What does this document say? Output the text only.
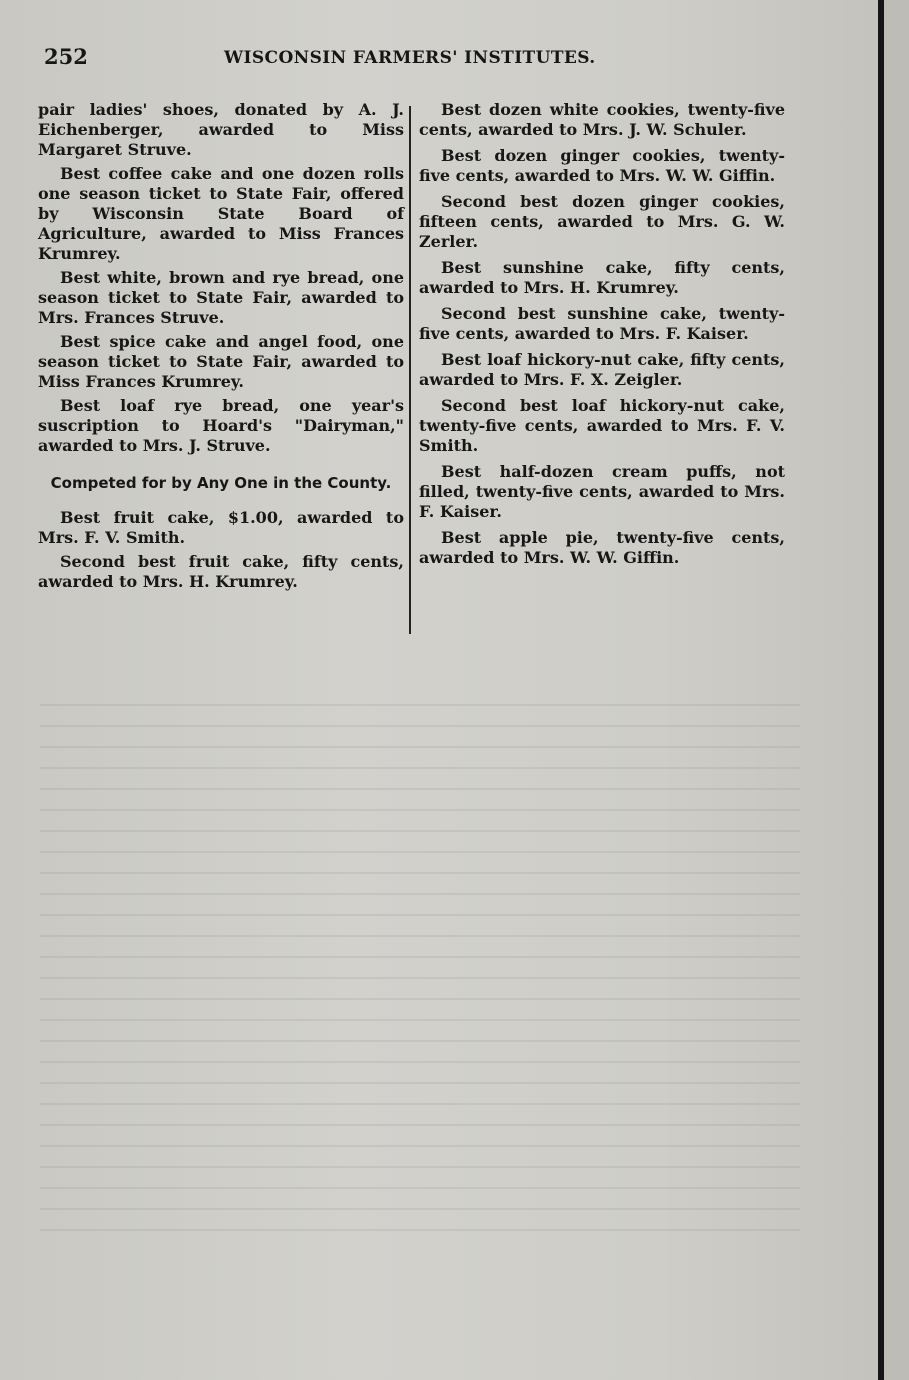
252	WISCONSIN FARMERS' INSTITUTES.

pair ladies' shoes, donated by A. J. Eichenberger, awarded to Miss Margaret Struve.

Best coffee cake and one dozen rolls one season ticket to State Fair, offered by Wisconsin State Board of Agriculture, awarded to Miss Frances Krumrey.

Best white, brown and rye bread, one season ticket to State Fair, awarded to Mrs. Frances Struve.

Best spice cake and angel food, one season ticket to State Fair, awarded to Miss Frances Krumrey.

Best loaf rye bread, one year's suscription to Hoard's "Dairyman," awarded to Mrs. J. Struve.

Competed for by Any One in the County.

Best fruit cake, $1.00, awarded to Mrs. F. V. Smith.

Second best fruit cake, fifty cents, awarded to Mrs. H. Krumrey.

Best dozen white cookies, twenty-five cents, awarded to Mrs. J. W. Schuler.

Best dozen ginger cookies, twenty-five cents, awarded to Mrs. W. W. Giffin.

Second best dozen ginger cookies, fifteen cents, awarded to Mrs. G. W. Zerler.

Best sunshine cake, fifty cents, awarded to Mrs. H. Krumrey.

Second best sunshine cake, twenty-five cents, awarded to Mrs. F. Kaiser.

Best loaf hickory-nut cake, fifty cents, awarded to Mrs. F. X. Zeigler.

Second best loaf hickory-nut cake, twenty-five cents, awarded to Mrs. F. V. Smith.

Best half-dozen cream puffs, not filled, twenty-five cents, awarded to Mrs. F. Kaiser.

Best apple pie, twenty-five cents, awarded to Mrs. W. W. Giffin.
